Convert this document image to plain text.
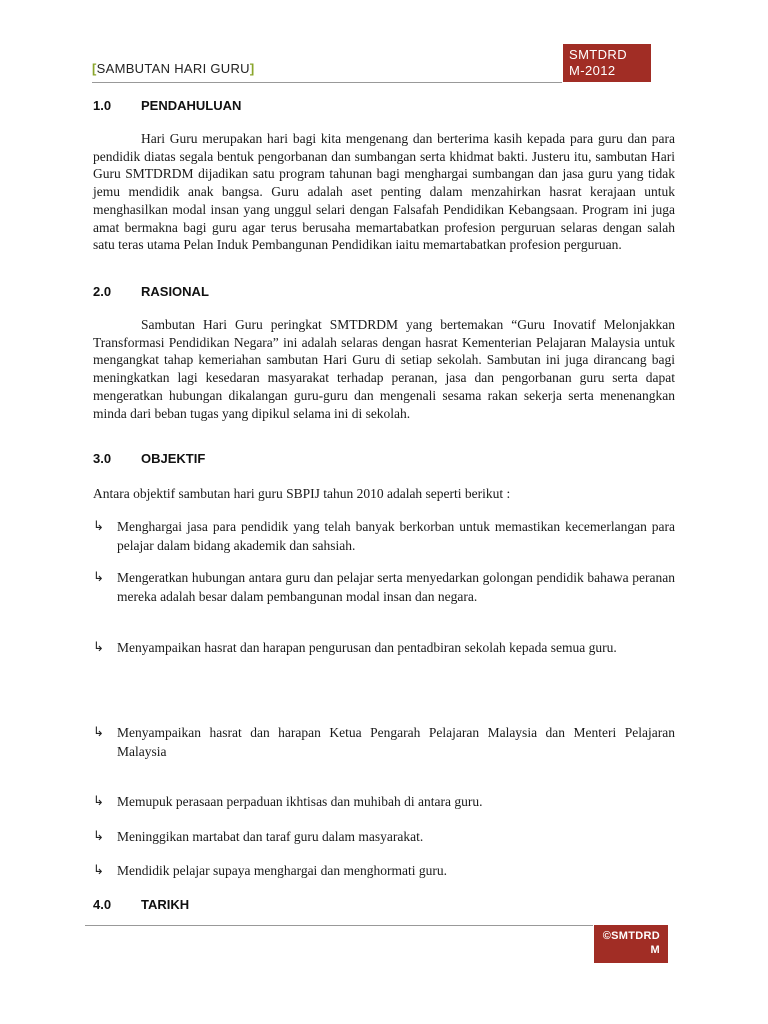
[SAMBUTAN HARI GURU]
SMTDRD
M-2012
1.0 PENDAHULUAN

Hari Guru merupakan hari bagi kita mengenang dan berterima kasih kepada para guru dan para pendidik diatas segala bentuk pengorbanan dan sumbangan serta khidmat bakti. Justeru itu, sambutan Hari Guru SMTDRDM dijadikan satu program tahunan bagi menghargai sumbangan dan jasa guru yang tidak jemu mendidik anak bangsa. Guru adalah aset penting dalam menzahirkan hasrat kerajaan untuk menghasilkan modal insan yang unggul selari dengan Falsafah Pendidikan Kebangsaan. Program ini juga amat bermakna bagi guru agar terus berusaha memartabatkan profesion perguruan selaras dengan salah satu teras utama Pelan Induk Pembangunan Pendidikan iaitu memartabatkan profesion perguruan.

2.0 RASIONAL

Sambutan Hari Guru peringkat SMTDRDM yang bertemakan “Guru Inovatif Melonjakkan Transformasi Pendidikan Negara” ini adalah selaras dengan hasrat Kementerian Pelajaran Malaysia untuk mengangkat tahap kemeriahan sambutan Hari Guru di setiap sekolah. Sambutan ini juga dirancang bagi meningkatkan lagi kesedaran masyarakat terhadap peranan, jasa dan pengorbanan guru serta dapat mengeratkan hubungan dikalangan guru-guru dan mengenali sesama rakan sekerja serta menenangkan minda dari beban tugas yang dipikul selama ini di sekolah.

3.0 OBJEKTIF
Antara objektif sambutan hari guru SBPIJ tahun 2010 adalah seperti berikut :
↳ Menghargai jasa para pendidik yang telah banyak berkorban untuk memastikan kecemerlangan para pelajar dalam bidang akademik dan sahsiah.
↳ Mengeratkan hubungan antara guru dan pelajar serta menyedarkan golongan pendidik bahawa peranan mereka adalah besar dalam pembangunan modal insan dan negara.
↳ Menyampaikan hasrat dan harapan pengurusan dan pentadbiran sekolah kepada semua guru.
↳ Menyampaikan hasrat dan harapan Ketua Pengarah Pelajaran Malaysia dan Menteri Pelajaran Malaysia
↳ Memupuk perasaan perpaduan ikhtisas dan muhibah di antara guru.
↳ Meninggikan martabat dan taraf guru dalam masyarakat.
↳ Mendidik pelajar supaya menghargai dan menghormati guru.
4.0 TARIKH
©SMTDRD
M
